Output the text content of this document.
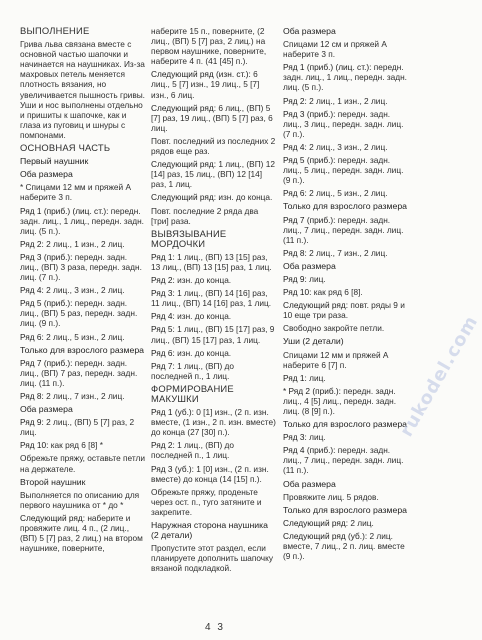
ВЫПОЛНЕНИЕ

Грива льва связана вместе с основной частью шапочки и начинается на наушниках. Из-за махровых петель меняется плотность вязания, но увеличивается пышность гривы. Уши и нос выполнены отдельно и пришиты к шапочке, как и глаза из пуговиц и шнуры с помпонами.

ОСНОВНАЯ ЧАСТЬ
Первый наушник
Оба размера

* Спицами 12 мм и пряжей А наберите 3 п.

Ряд 1 (приб.) (лиц. ст.): передн. задн. лиц., 1 лиц., передн. задн. лиц. (5 п.).

Ряд 2: 2 лиц., 1 изн., 2 лиц.

Ряд 3 (приб.): передн. задн. лиц., (ВП) 3 раза, передн. задн. лиц. (7 п.).

Ряд 4: 2 лиц., 3 изн., 2 лиц.

Ряд 5 (приб.): передн. задн. лиц., (ВП) 5 раз, передн. задн. лиц. (9 п.).

Ряд 6: 2 лиц., 5 изн., 2 лиц.

Только для взрослого размера

Ряд 7 (приб.): передн. задн. лиц., (ВП) 7 раз, передн. задн. лиц. (11 п.).

Ряд 8: 2 лиц., 7 изн., 2 лиц.

Оба размера

Ряд 9: 2 лиц., (ВП) 5 [7] раз, 2 лиц.

Ряд 10: как ряд 6 [8] *

Обрежьте пряжу, оставьте петли на держателе.

Второй наушник

Выполняется по описанию для первого наушника от * до *

Следующий ряд: наберите и провяжите лиц. 4 п., (2 лиц., (ВП) 5 [7] раз, 2 лиц.) на втором наушнике, повернитe,

наберите 15 п., поверните, (2 лиц., (ВП) 5 [7] раз, 2 лиц.) на первом наушнике, поверните, наберите 4 п. (41 [45] п.).

Следующий ряд (изн. ст.): 6 лиц., 5 [7] изн., 19 лиц., 5 [7] изн., 6 лиц.

Следующий ряд: 6 лиц., (ВП) 5 [7] раз, 19 лиц., (ВП) 5 [7] раз, 6 лиц.

Повт. последний из последних 2 рядов еще раз.

Следующий ряд: 1 лиц., (ВП) 12 [14] раз, 15 лиц., (ВП) 12 [14] раз, 1 лиц.

Следующий ряд: изн. до конца.

Повт. последние 2 ряда два [три] раза.

ВЫВЯЗЫВАНИЕ МОРДОЧКИ

Ряд 1: 1 лиц., (ВП) 13 [15] раз, 13 лиц., (ВП) 13 [15] раз, 1 лиц.

Ряд 2: изн. до конца.

Ряд 3: 1 лиц., (ВП) 14 [16] раз, 11 лиц., (ВП) 14 [16] раз, 1 лиц.

Ряд 4: изн. до конца.

Ряд 5: 1 лиц., (ВП) 15 [17] раз, 9 лиц., (ВП) 15 [17] раз, 1 лиц.

Ряд 6: изн. до конца.

Ряд 7: 1 лиц., (ВП) до последней п., 1 лиц.

ФОРМИРОВАНИЕ МАКУШКИ

Ряд 1 (уб.): 0 [1] изн., (2 п. изн. вместе, (1 изн., 2 п. изн. вместе) до конца (27 [30] п.).

Ряд 2: 1 лиц., (ВП) до последней п., 1 лиц.

Ряд 3 (уб.): 1 [0] изн., (2 п. изн. вместе) до конца (14 [15] п.).

Обрежьте пряжу, проденьте через ост. п., туго затяните и закрепите.

Наружная сторона наушника (2 детали)

Пропустите этот раздел, если планируете дополнить шапочку вязаной подкладкой.

Оба размера

Спицами 12 см и пряжей А наберите 3 п.

Ряд 1 (приб.) (лиц. ст.): передн. задн. лиц., 1 лиц., передн. задн. лиц. (5 п.).

Ряд 2: 2 лиц., 1 изн., 2 лиц.

Ряд 3 (приб.): передн. задн. лиц., 3 лиц., передн. задн. лиц. (7 п.).

Ряд 4: 2 лиц., 3 изн., 2 лиц.

Ряд 5 (приб.): передн. задн. лиц., 5 лиц., передн. задн. лиц. (9 п.).

Ряд 6: 2 лиц., 5 изн., 2 лиц.

Только для взрослого размера

Ряд 7 (приб.): передн. задн. лиц., 7 лиц., передн. задн. лиц. (11 п.).

Ряд 8: 2 лиц., 7 изн., 2 лиц.

Оба размера

Ряд 9: лиц.

Ряд 10: как ряд 6 [8].

Следующий ряд: повт. ряды 9 и 10 еще три раза.

Свободно закройте петли.

Уши (2 детали)

Спицами 12 мм и пряжей А наберите 6 [7] п.

Ряд 1: лиц.

* Ряд 2 (приб.): передн. задн. лиц., 4 [5] лиц., передн. задн. лиц. (8 [9] п.).

Только для взрослого размера

Ряд 3: лиц.

Ряд 4 (приб.): передн. задн. лиц., 7 лиц., передн. задн. лиц. (11 п.).

Оба размера

Провяжите лиц. 5 рядов.

Только для взрослого размера

Следующий ряд: 2 лиц.

Следующий ряд (уб.): 2 лиц. вместе, 7 лиц., 2 п. лиц. вместе (9 п.).

rukodel.com
4 3
